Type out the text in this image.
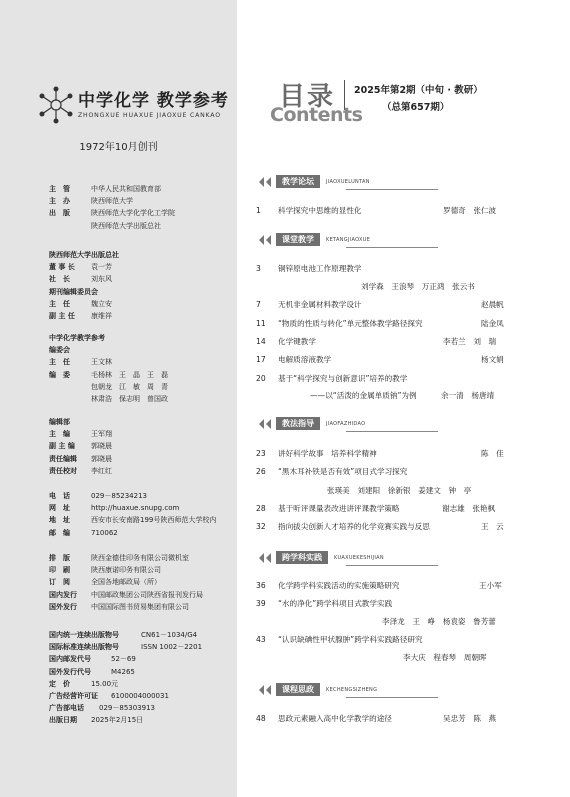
中学化学 教学参考
ZHONGXUE HUAXUE JIAOXUE CANKAO
1972年10月创刊
主　管	中华人民共和国教育部
主　办	陕西师范大学
出　版	陕西师范大学化学化工学院
陕西师范大学出版总社
陕西师范大学出版总社
董 事 长	袁一芳
社　长	刘东风
期刊编辑委员会
主　任	魏立安
副 主 任	康维祥
中学化学教学参考
编委会
主　任	王文林
编　委	毛杨林　王　晶　王　磊
包朝龙　江　敏　周　青
林肃浩　保志明　曾国政
编辑部
主　编	王军翔
副 主 编	郭晓晨
责任编辑	郭晓晨
责任校对	李红红
电　话	029－85234213
网　址	http://huaxue.snupg.com
地　址	西安市长安南路199号陕西师范大学校内
邮　编	710062
排　版	陕西金德佳印务有限公司微机室
印　刷	陕西康诺印务有限公司
订　阅	全国各地邮政局（所）
国内发行	中国邮政集团公司陕西省报刊发行局
国外发行	中国国际图书贸易集团有限公司
国内统一连续出版物号	CN61－1034/G4
国际标准连续出版物号	ISSN 1002－2201
国内邮发代号	52－69
国外发行代号	M4265
定　价	15.00元
广告经营许可证	6100004000031
广告部电话	029－85303913
出版日期	2025年2月15日
目录
Contents
2025年第2期（中旬 · 教研）
（总第657期）
教学论坛	JIAOXUELUNTAN
课堂教学	KETANGJIAOXUE
教法指导	JIAOFAZHIDAO
跨学科实践	KUAXUEKESHIJIAN
课程思政	KECHENGSIZHENG
1 科学探究中思维的显性化	罗德奇　张仁波
3 铜锌原电池工作原理教学
刘学森　王浪琴　万正鸿　张云书
7 无机非金属材料教学设计	赵晨帆
11 “物质的性质与转化”单元整体教学路径探究	陆金凤
14 化学键教学	李若兰　刘　瑞
17 电解质溶液教学	杨文娟
20 基于“科学探究与创新意识”培养的教学
——以“活泼的金属单质钠”为例	余一清　杨唐靖
23 讲好科学故事　培养科学精神	陈　佳
26 “黑木耳补铁是否有效”项目式学习探究
张瑛美　刘建阳　徐新银　姜建文　钟　亭
28 基于听评课量表改进讲评课教学策略	谢志雄　张艳枫
32 指向拔尖创新人才培养的化学竞赛实践与反思	王　云
36 化学跨学科实践活动的实施策略研究	王小军
39 “水的净化”跨学科项目式教学实践
李泽龙　王　峥　杨袁姿　鲁芳蕾
43 “认识缺碘性甲状腺肿”跨学科实践路径研究
李大庆　程春琴　周朝晖
48 思政元素融入高中化学教学的途径	吴忠芳　陈　燕
